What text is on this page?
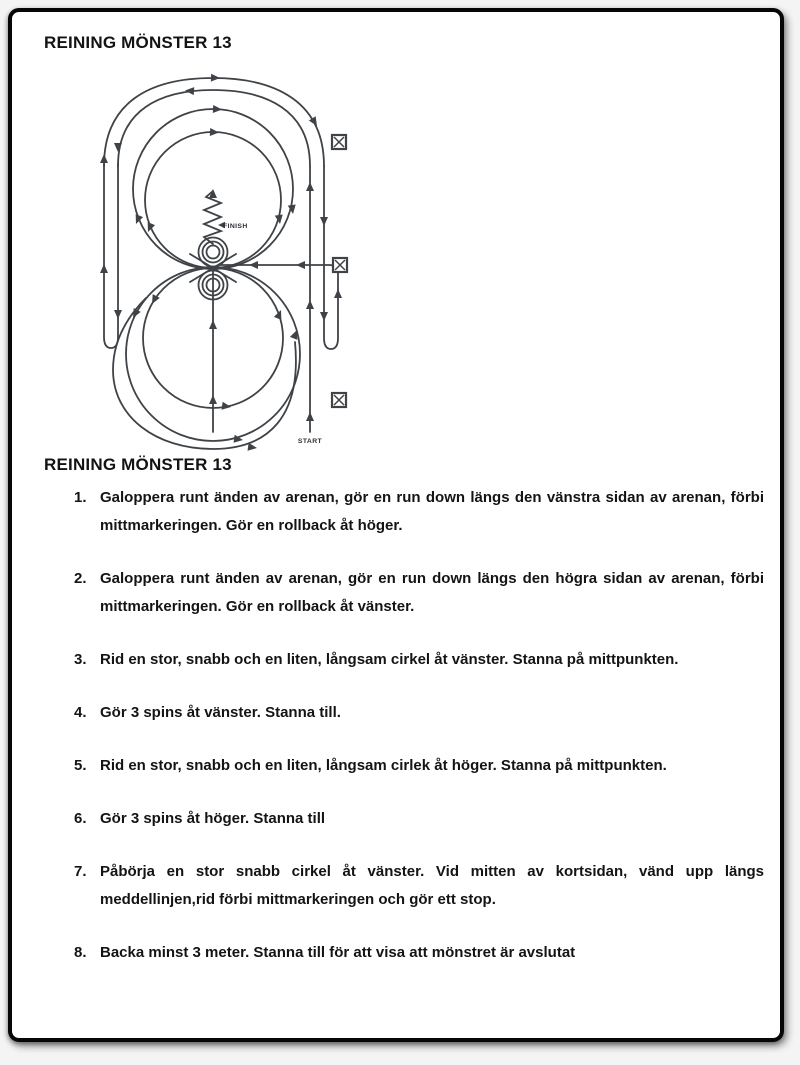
REINING MÖNSTER 13
FINISH
START
REINING MÖNSTER 13
1. Galoppera runt änden av arenan, gör en run down längs den vänstra sidan av arenan, förbi mittmarkeringen. Gör en rollback åt höger.
2. Galoppera runt änden av arenan, gör en run down längs den högra sidan av arenan, förbi mittmarkeringen. Gör en rollback åt vänster.
3. Rid en stor, snabb och en liten, långsam cirkel åt vänster. Stanna på mittpunkten.
4. Gör 3 spins åt vänster. Stanna till.
5. Rid en stor, snabb och en liten, långsam cirlek åt höger. Stanna på mittpunkten.
6. Gör 3 spins åt höger. Stanna till
7. Påbörja en stor snabb cirkel åt vänster. Vid mitten av kortsidan, vänd upp längs meddellinjen,rid förbi mittmarkeringen och gör ett stop.
8. Backa minst 3 meter. Stanna till för att visa att mönstret är avslutat
